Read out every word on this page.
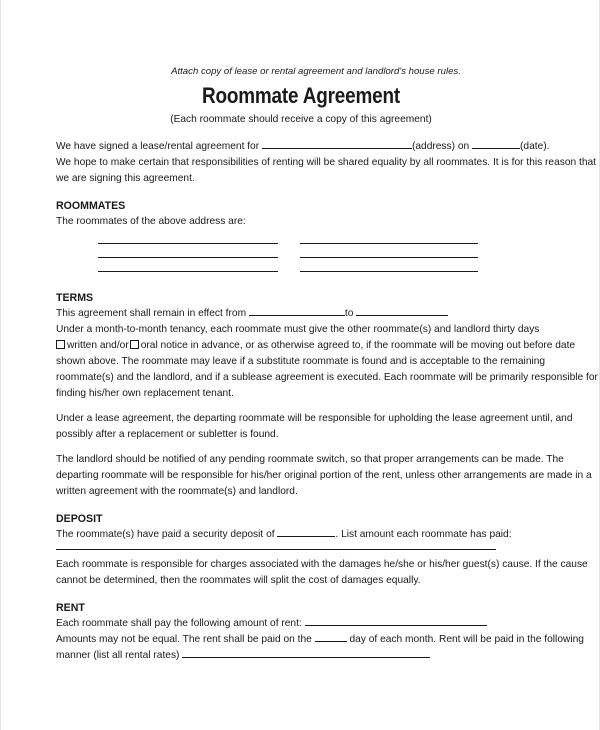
Attach copy of lease or rental agreement and landlord's house rules.

Roommate Agreement

(Each roommate should receive a copy of this agreement)

We have signed a lease/rental agreement for	(address) on	(date).

We hope to make certain that responsibilities of renting will be shared equality by all roommates. It is for this reason that

we are signing this agreement.

ROOMMATES

The roommates of the above address are:

TERMS

This agreement shall remain in effect from	to

Under a month-to-month tenancy, each roommate must give the other roommate(s) and landlord thirty days

written and/or oral notice in advance, or as otherwise agreed to, if the roommate will be moving out before date

shown above. The roommate may leave if a substitute roommate is found and is acceptable to the remaining

roommate(s) and the landlord, and if a sublease agreement is executed. Each roommate will be primarily responsible for

finding his/her own replacement tenant.

Under a lease agreement, the departing roommate will be responsible for upholding the lease agreement until, and

possibly after a replacement or subletter is found.

The landlord should be notified of any pending roommate switch, so that proper arrangements can be made. The

departing roommate will be responsible for his/her original portion of the rent, unless other arrangements are made in a

written agreement with the roommate(s) and landlord.

DEPOSIT

The roommate(s) have paid a security deposit of	. List amount each roommate has paid:

Each roommate is responsible for charges associated with the damages he/she or his/her guest(s) cause. If the cause

cannot be determined, then the roommates will split the cost of damages equally.

RENT

Each roommate shall pay the following amount of rent:

Amounts may not be equal. The rent shall be paid on the	day of each month. Rent will be paid in the following

manner (list all rental rates)
